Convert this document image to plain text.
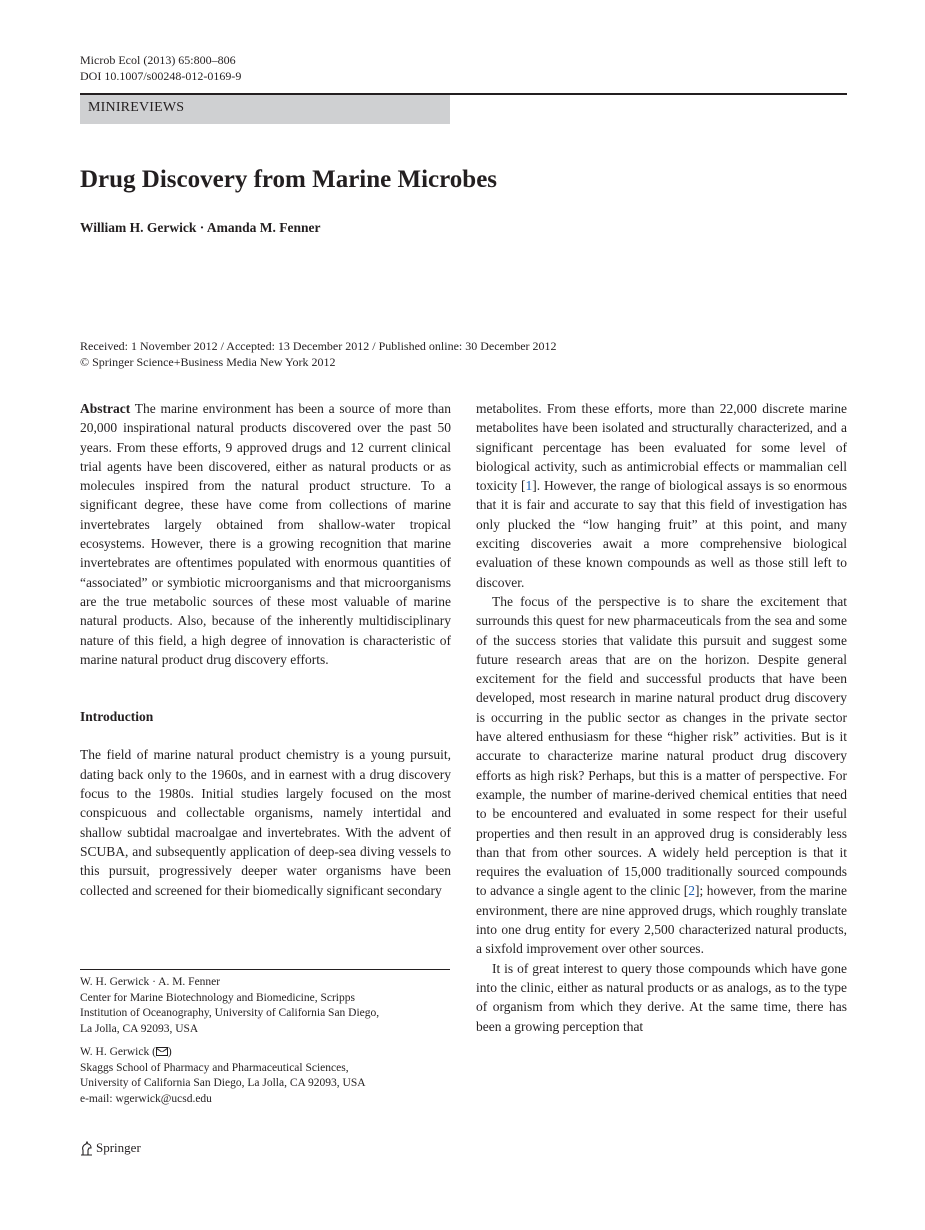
Microb Ecol (2013) 65:800–806
DOI 10.1007/s00248-012-0169-9
MINIREVIEWS
Drug Discovery from Marine Microbes
William H. Gerwick · Amanda M. Fenner
Received: 1 November 2012 / Accepted: 13 December 2012 / Published online: 30 December 2012
© Springer Science+Business Media New York 2012

Abstract The marine environment has been a source of more than 20,000 inspirational natural products discovered over the past 50 years. From these efforts, 9 approved drugs and 12 current clinical trial agents have been discovered, either as natural products or as molecules inspired from the natural product structure. To a significant degree, these have come from collections of marine invertebrates largely obtained from shallow-water tropical ecosystems. However, there is a growing recognition that marine invertebrates are oftentimes populated with enormous quantities of “associated” or symbiotic microorganisms and that microorganisms are the true metabolic sources of these most valuable of marine natural products. Also, because of the inherently multidisciplinary nature of this field, a high degree of innovation is characteristic of marine natural product drug discovery efforts.

Introduction

The field of marine natural product chemistry is a young pursuit, dating back only to the 1960s, and in earnest with a drug discovery focus to the 1980s. Initial studies largely focused on the most conspicuous and collectable organisms, namely intertidal and shallow subtidal macroalgae and invertebrates. With the advent of SCUBA, and subsequently application of deep-sea diving vessels to this pursuit, progressively deeper water organisms have been collected and screened for their biomedically significant secondary

metabolites. From these efforts, more than 22,000 discrete marine metabolites have been isolated and structurally characterized, and a significant percentage has been evaluated for some level of biological activity, such as antimicrobial effects or mammalian cell toxicity [1]. However, the range of biological assays is so enormous that it is fair and accurate to say that this field of investigation has only plucked the “low hanging fruit” at this point, and many exciting discoveries await a more comprehensive biological evaluation of these known compounds as well as those still left to discover.

The focus of the perspective is to share the excitement that surrounds this quest for new pharmaceuticals from the sea and some of the success stories that validate this pursuit and suggest some future research areas that are on the horizon. Despite general excitement for the field and successful products that have been developed, most research in marine natural product drug discovery is occurring in the public sector as changes in the private sector have altered enthusiasm for these “higher risk” activities. But is it accurate to characterize marine natural product drug discovery efforts as high risk? Perhaps, but this is a matter of perspective. For example, the number of marine-derived chemical entities that need to be encountered and evaluated in some respect for their useful properties and then result in an approved drug is considerably less than that from other sources. A widely held perception is that it requires the evaluation of 15,000 traditionally sourced compounds to advance a single agent to the clinic [2]; however, from the marine environment, there are nine approved drugs, which roughly translate into one drug entity for every 2,500 characterized natural products, a sixfold improvement over other sources.

It is of great interest to query those compounds which have gone into the clinic, either as natural products or as analogs, as to the type of organism from which they derive. At the same time, there has been a growing perception that

W. H. Gerwick · A. M. Fenner
Center for Marine Biotechnology and Biomedicine, Scripps
Institution of Oceanography, University of California San Diego,
La Jolla, CA 92093, USA

W. H. Gerwick ( )
Skaggs School of Pharmacy and Pharmaceutical Sciences,
University of California San Diego, La Jolla, CA 92093, USA
e-mail: wgerwick@ucsd.edu

Springer
